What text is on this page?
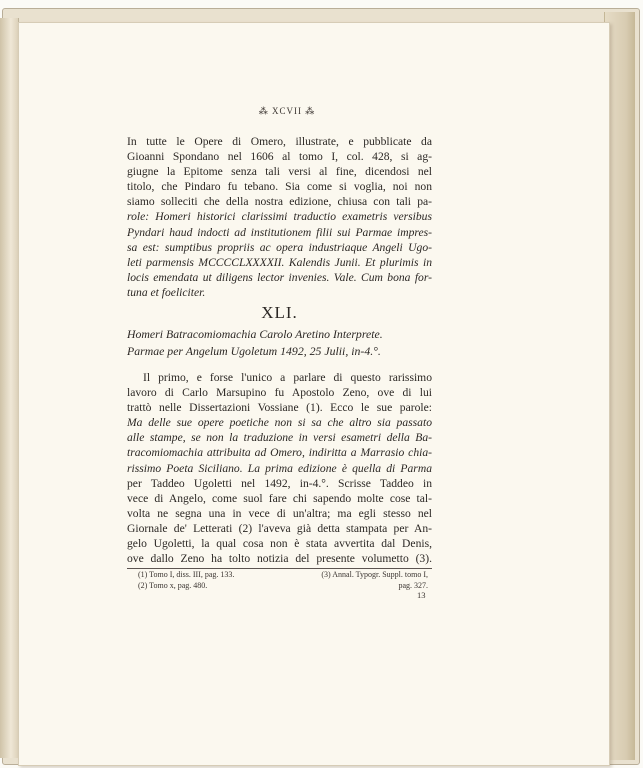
⁂ XCVII ⁂
In tutte le Opere di Omero, illustrate, e pubblicate da
Gioanni Spondano nel 1606 al tomo I, col. 428, si ag-
giugne la Epitome senza tali versi al fine, dicendosi nel
titolo, che Pindaro fu tebano. Sia come si voglia, noi non
siamo solleciti che della nostra edizione, chiusa con tali pa-
role: Homeri historici clarissimi traductio exametris versibus
Pyndari haud indocti ad institutionem filii sui Parmae impres-
sa est: sumptibus propriis ac opera industriaque Angeli Ugo-
leti parmensis MCCCCLXXXXII. Kalendis Junii. Et plurimis in
locis emendata ut diligens lector invenies. Vale. Cum bona for-
tuna et foeliciter.
XLI.
Homeri Batracomiomachia Carolo Aretino Interprete.
Parmae per Angelum Ugoletum 1492, 25 Julii, in-4.°.
Il primo, e forse l'unico a parlare di questo rarissimo
lavoro di Carlo Marsupino fu Apostolo Zeno, ove di lui
trattò nelle Dissertazioni Vossiane (1). Ecco le sue parole:
Ma delle sue opere poetiche non si sa che altro sia passato
alle stampe, se non la traduzione in versi esametri della Ba-
tracomiomachia attribuita ad Omero, indiritta a Marrasio chia-
rissimo Poeta Siciliano. La prima edizione è quella di Parma
per Taddeo Ugoletti nel 1492, in-4.°. Scrisse Taddeo in
vece di Angelo, come suol fare chi sapendo molte cose tal-
volta ne segna una in vece di un'altra; ma egli stesso nel
Giornale de' Letterati (2) l'aveva già detta stampata per An-
gelo Ugoletti, la qual cosa non è stata avvertita dal Denis,
ove dallo Zeno ha tolto notizia del presente volumetto (3).
(1) Tomo I, diss. III, pag. 133.	(3) Annal. Typogr. Suppl. tomo I,
(2) Tomo x, pag. 480.	pag. 327.
13
